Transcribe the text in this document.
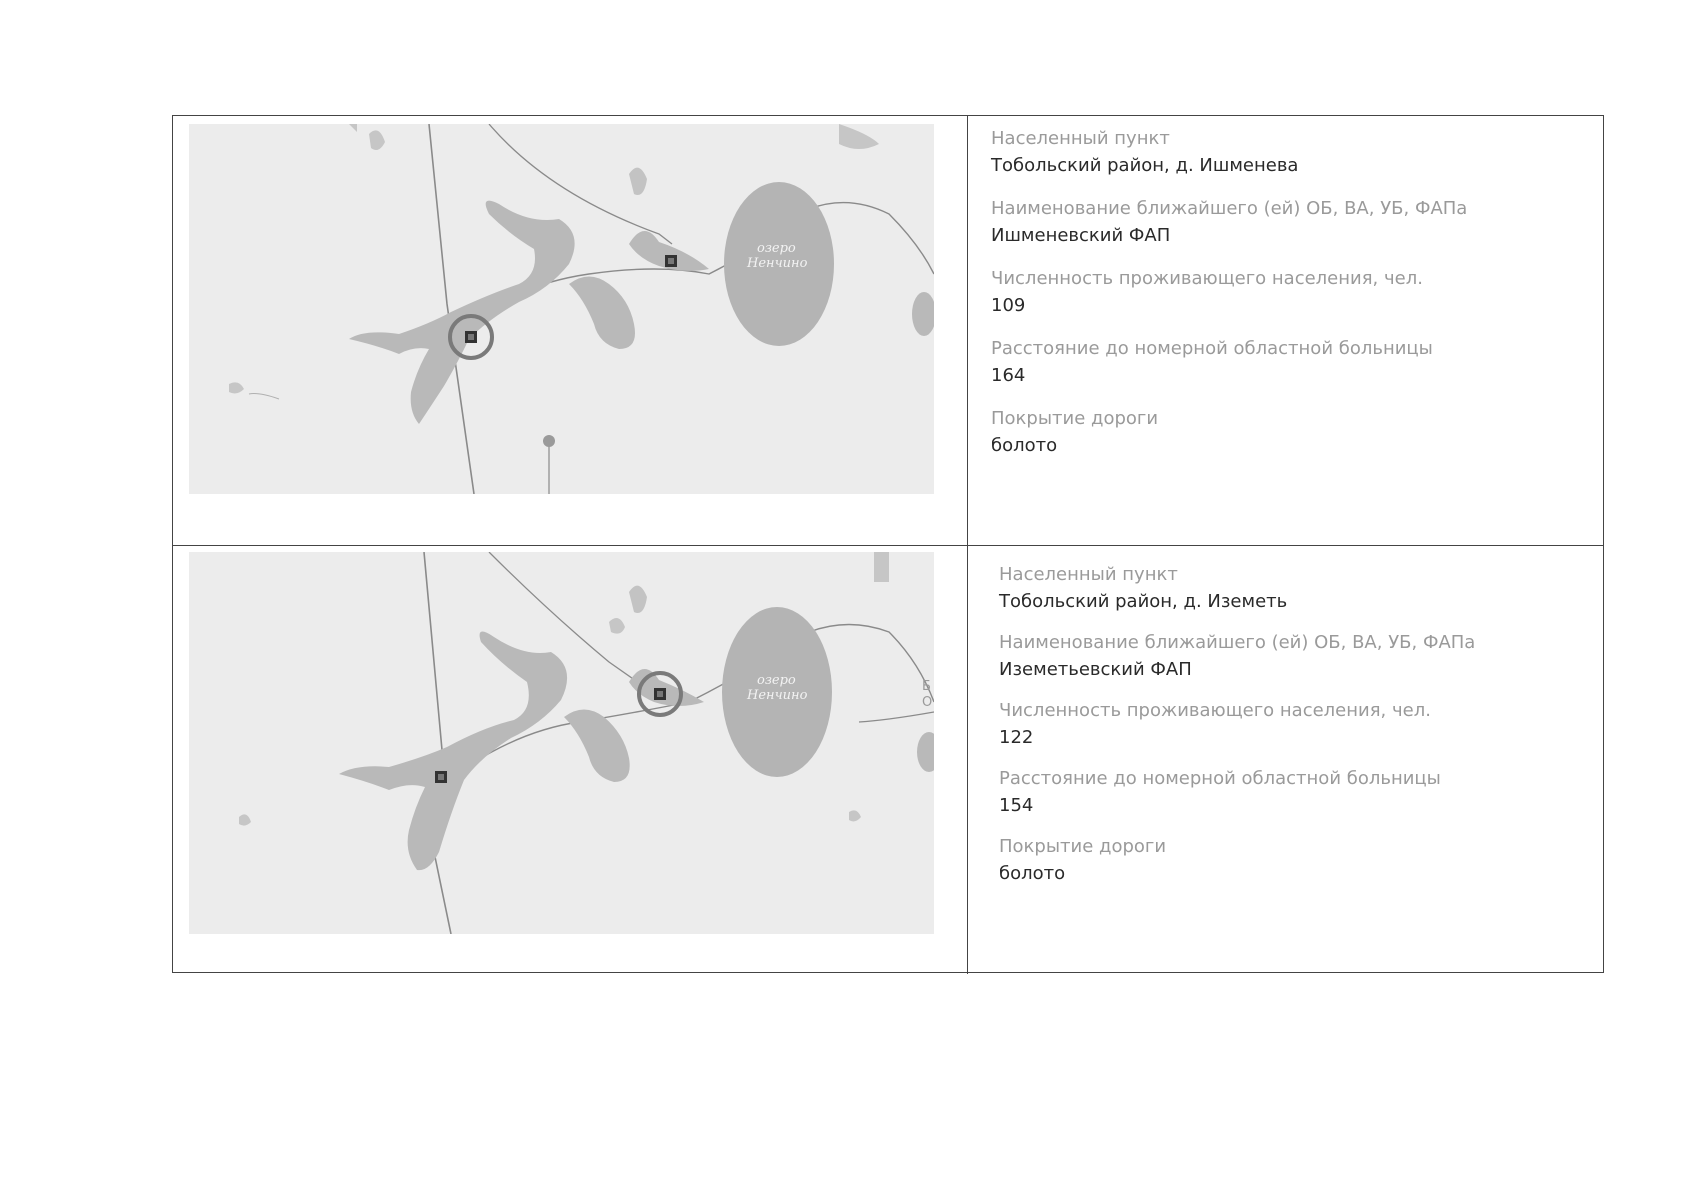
озеро
Ненчино
Населенный пункт
Тобольский район, д. Ишменева
Наименование ближайшего (ей) ОБ, ВА, УБ, ФАПа
Ишменевский ФАП
Численность проживающего населения, чел.
109
Расстояние до номерной областной больницы
164
Покрытие дороги
болото
озеро
Ненчино
Б
О
Населенный пункт
Тобольский район, д. Иземеть
Наименование ближайшего (ей) ОБ, ВА, УБ, ФАПа
Иземетьевский ФАП
Численность проживающего населения, чел.
122
Расстояние до номерной областной больницы
154
Покрытие дороги
болото
